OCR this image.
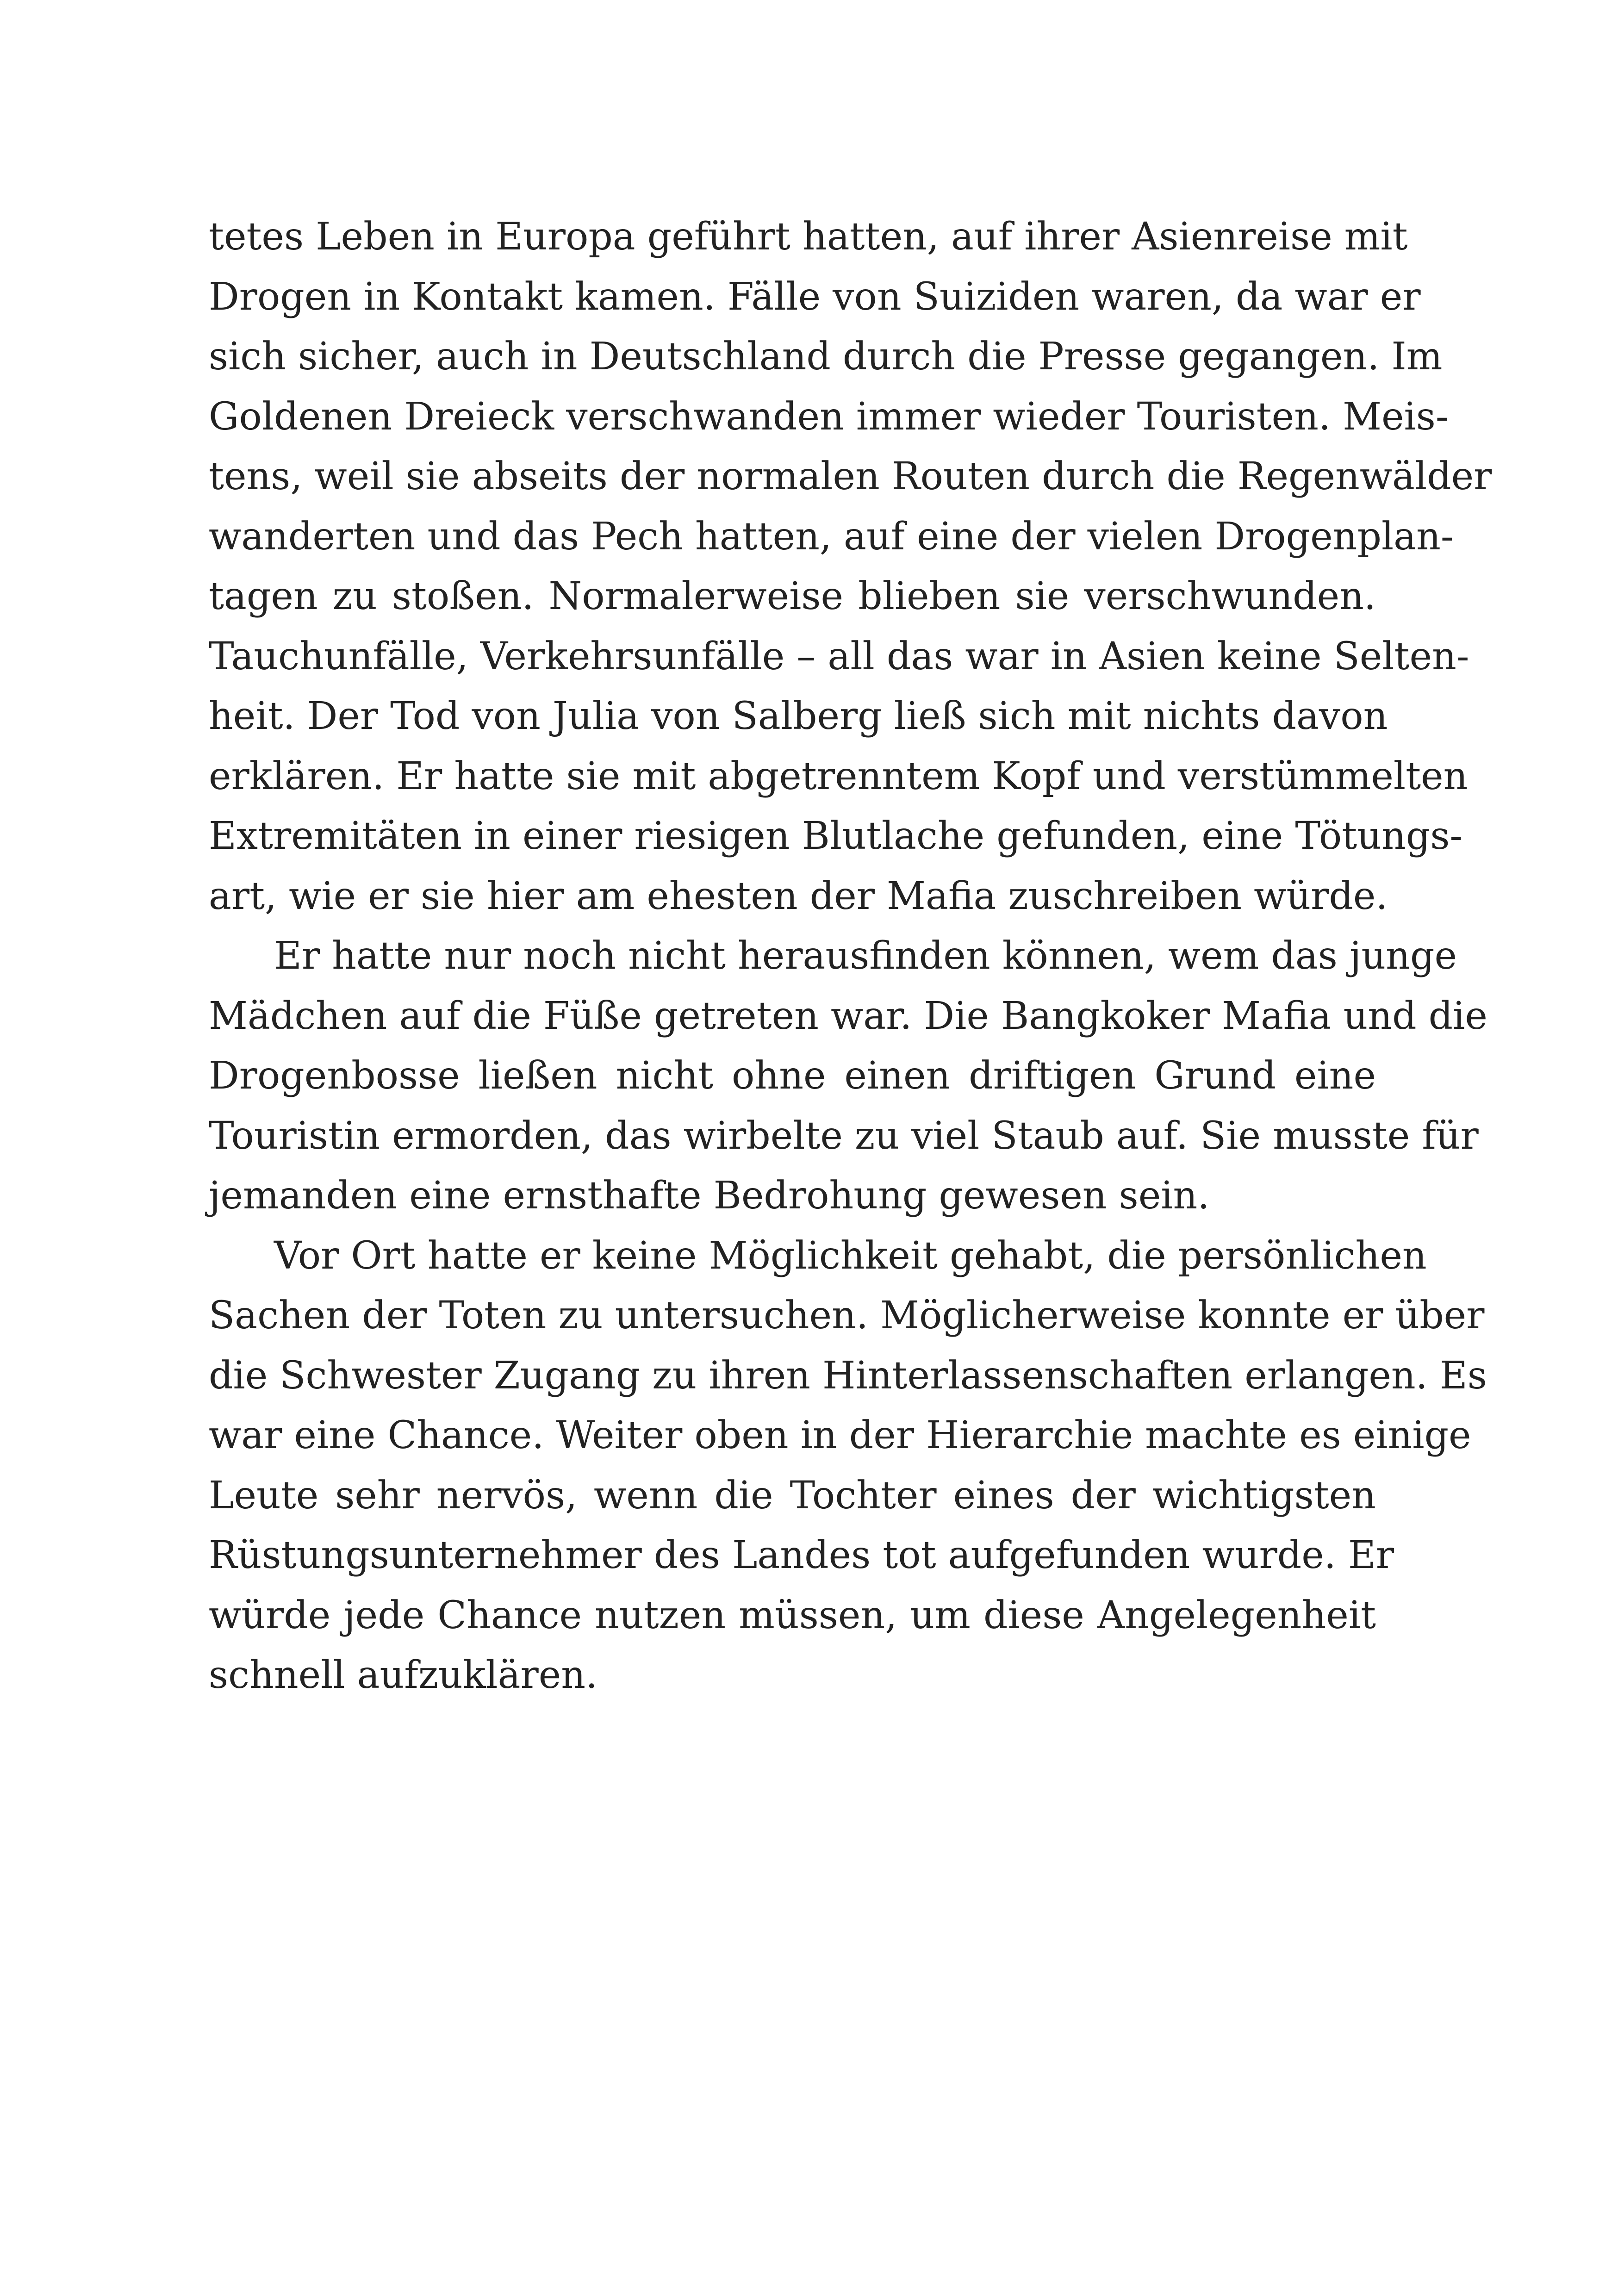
tetes Leben in Europa geführt hatten, auf ihrer Asienreise mit
Drogen in Kontakt kamen. Fälle von Suiziden waren, da war er
sich sicher, auch in Deutschland durch die Presse gegangen. Im
Goldenen Dreieck verschwanden immer wieder Touristen. Meis-
tens, weil sie abseits der normalen Routen durch die Regenwälder
wanderten und das Pech hatten, auf eine der vielen Drogenplan-
tagen zu stoßen. Normalerweise blieben sie verschwunden.
Tauchunfälle, Verkehrsunfälle – all das war in Asien keine Selten-
heit. Der Tod von Julia von Salberg ließ sich mit nichts davon
erklären. Er hatte sie mit abgetrenntem Kopf und verstümmelten
Extremitäten in einer riesigen Blutlache gefunden, eine Tötungs-
art, wie er sie hier am ehesten der Mafia zuschreiben würde.
Er hatte nur noch nicht herausfinden können, wem das junge
Mädchen auf die Füße getreten war. Die Bangkoker Mafia und die
Drogenbosse ließen nicht ohne einen driftigen Grund eine
Touristin ermorden, das wirbelte zu viel Staub auf. Sie musste für
jemanden eine ernsthafte Bedrohung gewesen sein.
Vor Ort hatte er keine Möglichkeit gehabt, die persönlichen
Sachen der Toten zu untersuchen. Möglicherweise konnte er über
die Schwester Zugang zu ihren Hinterlassenschaften erlangen. Es
war eine Chance. Weiter oben in der Hierarchie machte es einige
Leute sehr nervös, wenn die Tochter eines der wichtigsten
Rüstungsunternehmer des Landes tot aufgefunden wurde. Er
würde jede Chance nutzen müssen, um diese Angelegenheit
schnell aufzuklären.
